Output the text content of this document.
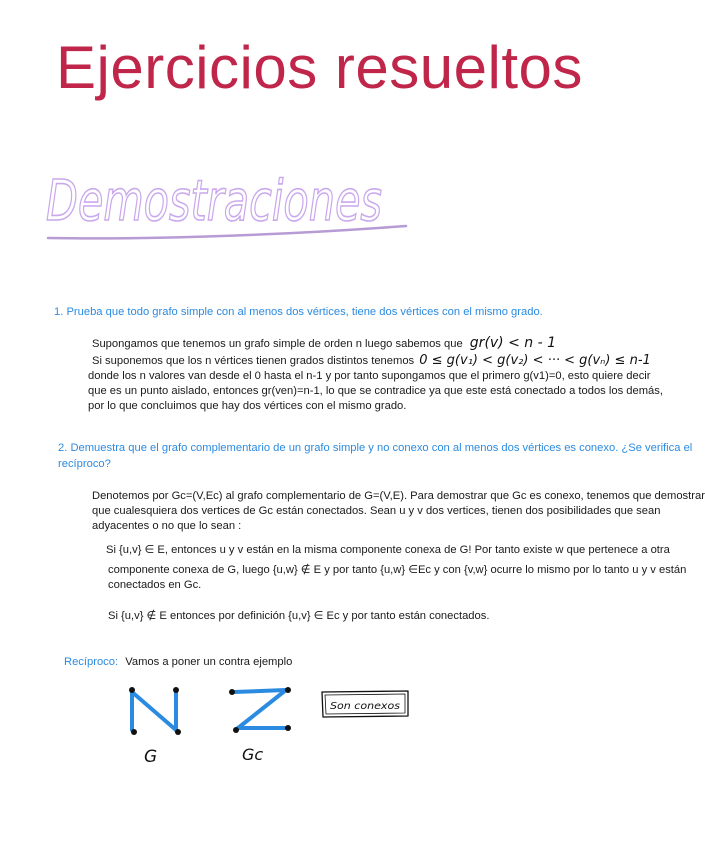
Ejercicios resueltos
Demostraciones
1. Prueba que todo grafo simple con al menos dos vértices, tiene dos vértices con el mismo grado.
Supongamos que tenemos un grafo simple de orden n luego sabemos que gr(v) < n - 1
Si suponemos que los n vértices tienen grados distintos tenemos 0 ≤ g(v₁) < g(v₂) < ··· < g(vₙ) ≤ n-1
donde los n valores van desde el 0 hasta el n-1 y por tanto supongamos que el primero g(v1)=0, esto quiere decir
que es un punto aislado, entonces gr(ven)=n-1, lo que se contradice ya que este está conectado a todos los demás,
por lo que concluimos que hay dos vértices con el mismo grado.
2. Demuestra que el grafo complementario de un grafo simple y no conexo con al menos dos vértices es conexo. ¿Se verifica el
recíproco?
Denotemos por Gc=(V,Ec) al grafo complementario de G=(V,E). Para demostrar que Gc es conexo, tenemos que demostrar
que cualesquiera dos vertices de Gc están conectados. Sean u y v dos vertices, tienen dos posibilidades que sean
adyacentes o no que lo sean :
Si {u,v} ∈ E, entonces u y v están en la misma componente conexa de G! Por tanto existe w que pertenece a otra
componente conexa de G, luego {u,w} ∉ E y por tanto {u,w} ∈Ec y con {v,w} ocurre lo mismo por lo tanto u y v están
conectados en Gc.
Si {u,v} ∉ E entonces por definición {u,v} ∈ Ec y por tanto están conectados.
Recíproco: Vamos a poner un contra ejemplo
G	Gc
Son conexos
